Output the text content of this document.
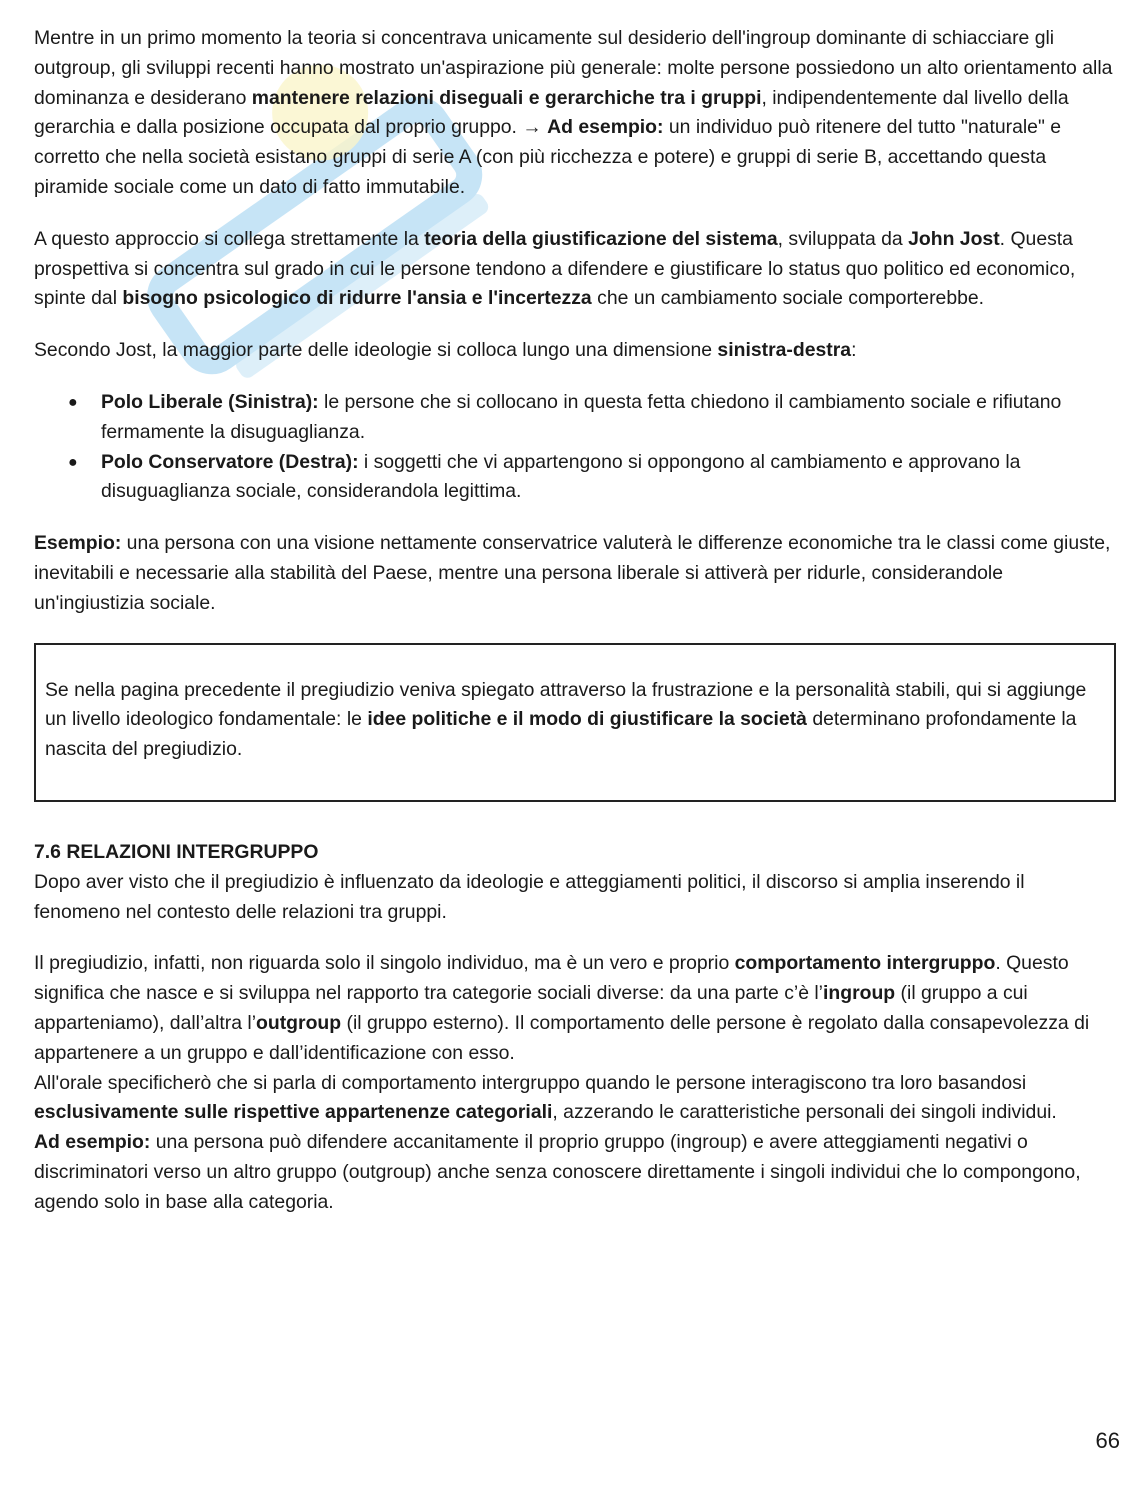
Mentre in un primo momento la teoria si concentrava unicamente sul desiderio dell'ingroup dominante di schiacciare gli outgroup, gli sviluppi recenti hanno mostrato un'aspirazione più generale: molte persone possiedono un alto orientamento alla dominanza e desiderano mantenere relazioni diseguali e gerarchiche tra i gruppi, indipendentemente dal livello della gerarchia e dalla posizione occupata dal proprio gruppo. → Ad esempio: un individuo può ritenere del tutto "naturale" e corretto che nella società esistano gruppi di serie A (con più ricchezza e potere) e gruppi di serie B, accettando questa piramide sociale come un dato di fatto immutabile.

A questo approccio si collega strettamente la teoria della giustificazione del sistema, sviluppata da John Jost. Questa prospettiva si concentra sul grado in cui le persone tendono a difendere e giustificare lo status quo politico ed economico, spinte dal bisogno psicologico di ridurre l'ansia e l'incertezza che un cambiamento sociale comporterebbe.

Secondo Jost, la maggior parte delle ideologie si colloca lungo una dimensione sinistra-destra:

● Polo Liberale (Sinistra): le persone che si collocano in questa fetta chiedono il cambiamento sociale e rifiutano fermamente la disuguaglianza.
● Polo Conservatore (Destra): i soggetti che vi appartengono si oppongono al cambiamento e approvano la disuguaglianza sociale, considerandola legittima.

Esempio: una persona con una visione nettamente conservatrice valuterà le differenze economiche tra le classi come giuste, inevitabili e necessarie alla stabilità del Paese, mentre una persona liberale si attiverà per ridurle, considerandole un'ingiustizia sociale.

Se nella pagina precedente il pregiudizio veniva spiegato attraverso la frustrazione e la personalità stabili, qui si aggiunge un livello ideologico fondamentale: le idee politiche e il modo di giustificare la società determinano profondamente la nascita del pregiudizio.

7.6 RELAZIONI INTERGRUPPO

Dopo aver visto che il pregiudizio è influenzato da ideologie e atteggiamenti politici, il discorso si amplia inserendo il fenomeno nel contesto delle relazioni tra gruppi.

Il pregiudizio, infatti, non riguarda solo il singolo individuo, ma è un vero e proprio comportamento intergruppo. Questo significa che nasce e si sviluppa nel rapporto tra categorie sociali diverse: da una parte c’è l’ingroup (il gruppo a cui apparteniamo), dall’altra l’outgroup (il gruppo esterno). Il comportamento delle persone è regolato dalla consapevolezza di appartenere a un gruppo e dall’identificazione con esso.

All'orale specificherò che si parla di comportamento intergruppo quando le persone interagiscono tra loro basandosi esclusivamente sulle rispettive appartenenze categoriali, azzerando le caratteristiche personali dei singoli individui.

Ad esempio: una persona può difendere accanitamente il proprio gruppo (ingroup) e avere atteggiamenti negativi o discriminatori verso un altro gruppo (outgroup) anche senza conoscere direttamente i singoli individui che lo compongono, agendo solo in base alla categoria.

66
